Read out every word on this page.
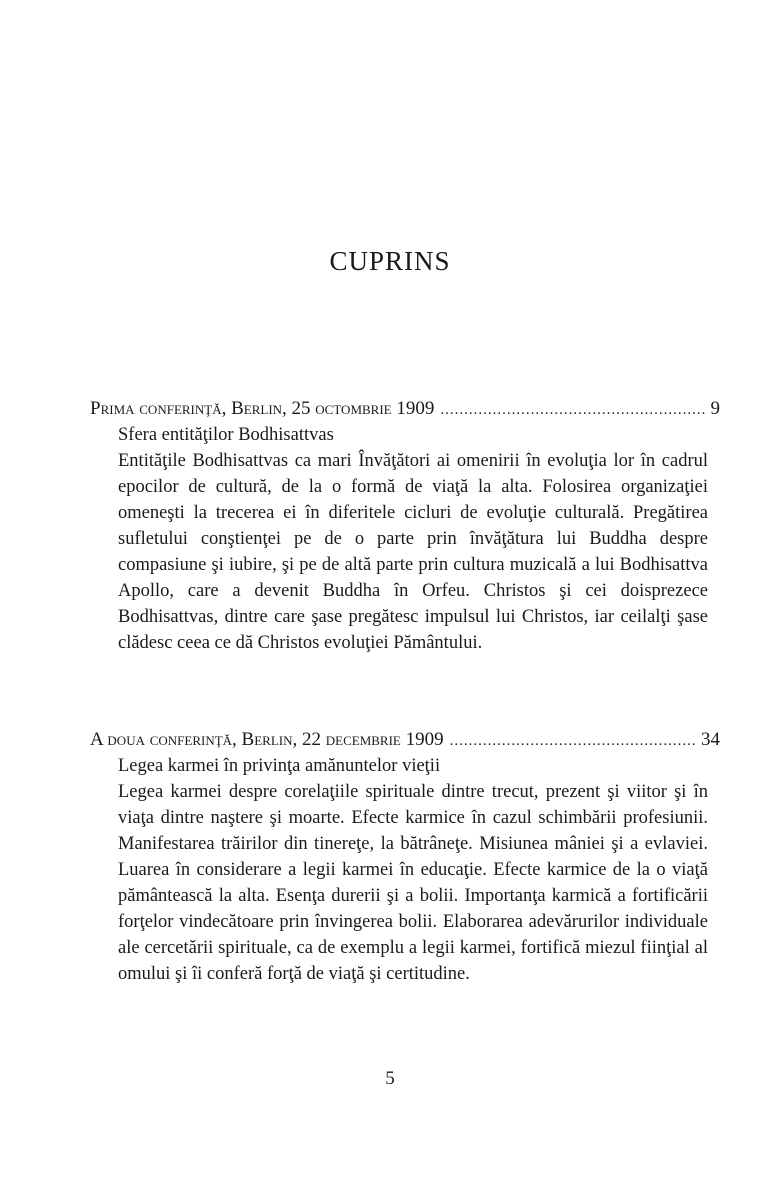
CUPRINS
Prima conferinţă, Berlin, 25 octombrie 1909 .....	9

Sfera entităţilor Bodhisattvas

Entităţile Bodhisattvas ca mari Învăţători ai omenirii în evoluţia lor în cadrul epocilor de cultură, de la o formă de viaţă la alta. Folosirea organizaţiei omeneşti la trecerea ei în diferitele cicluri de evoluţie culturală. Pregătirea sufletului conştienţei pe de o parte prin învăţătura lui Buddha despre compasiune şi iubire, şi pe de altă parte prin cultura muzicală a lui Bodhisattva Apollo, care a devenit Buddha în Orfeu. Christos şi cei doisprezece Bodhisattvas, dintre care şase pregătesc impulsul lui Christos, iar ceilalţi şase clădesc ceea ce dă Christos evoluţiei Pământului.

A doua conferinţă, Berlin, 22 decembrie 1909 .....	34

Legea karmei în privinţa amănuntelor vieţii

Legea karmei despre corelaţiile spirituale dintre trecut, prezent şi viitor şi în viaţa dintre naştere şi moarte. Efecte karmice în cazul schimbării profesiunii. Manifestarea trăirilor din tinereţe, la bătrâneţe. Misiunea mâniei şi a evlaviei. Luarea în considerare a legii karmei în educaţie. Efecte karmice de la o viaţă pământească la alta. Esenţa durerii şi a bolii. Importanţa karmică a fortificării forţelor vindecătoare prin învingerea bolii. Elaborarea adevărurilor individuale ale cercetării spirituale, ca de exemplu a legii karmei, fortifică miezul fiinţial al omului şi îi conferă forţă de viaţă şi certitudine.

5
